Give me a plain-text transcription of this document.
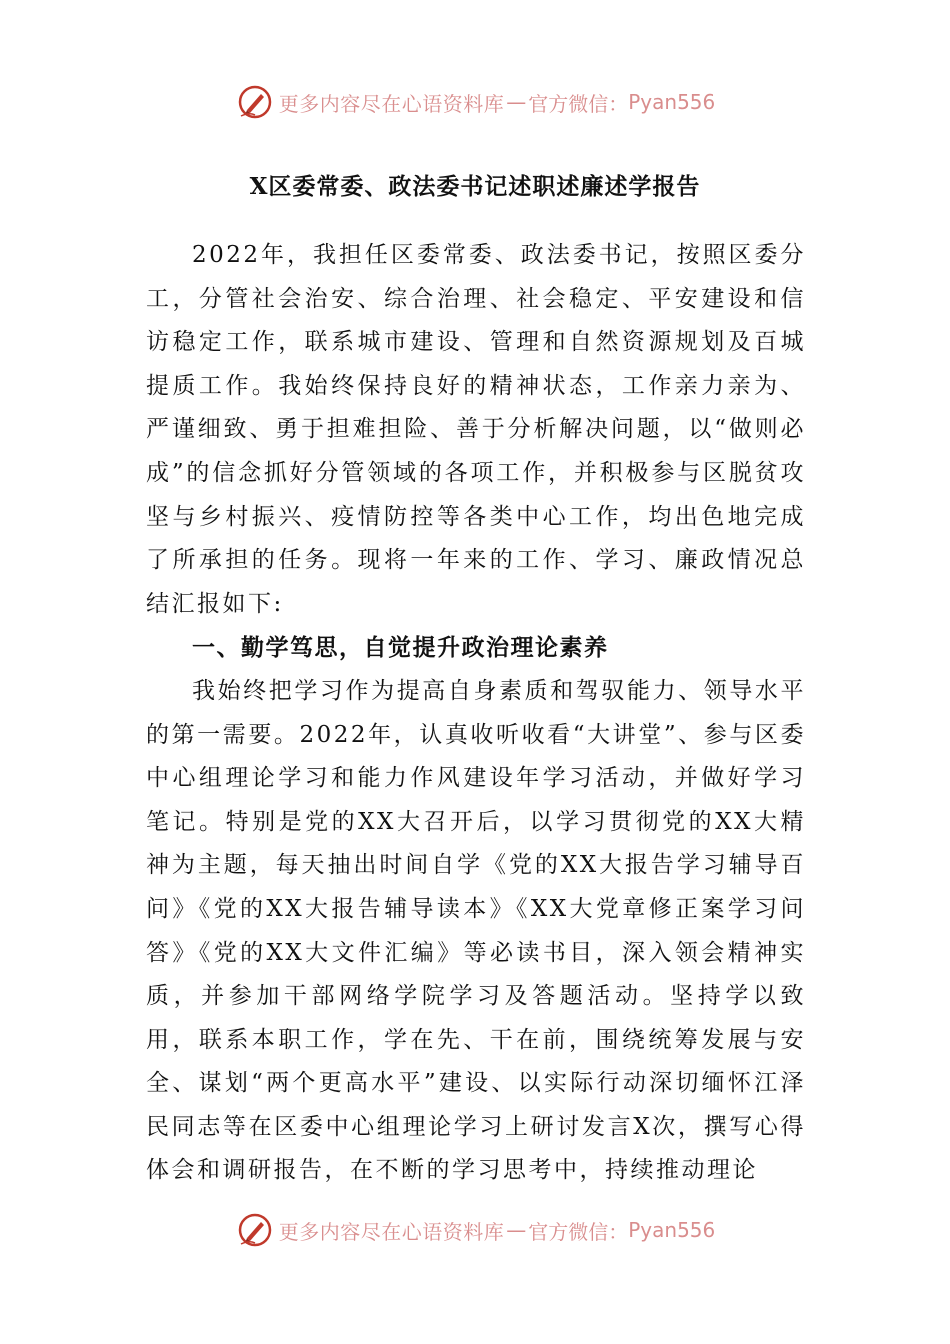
更多内容尽在心语资料库 — 官方微信： Pyan556
X区委常委、政法委书记述职述廉述学报告

2022年，我担任区委常委、政法委书记，按照区委分工，分管社会治安、综合治理、社会稳定、平安建设和信访稳定工作，联系城市建设、管理和自然资源规划及百城提质工作。我始终保持良好的精神状态，工作亲力亲为、严谨细致、勇于担难担险、善于分析解决问题，以“做则必成”的信念抓好分管领域的各项工作，并积极参与区脱贫攻坚与乡村振兴、疫情防控等各类中心工作，均出色地完成了所承担的任务。现将一年来的工作、学习、廉政情况总结汇报如下:

一、勤学笃思，自觉提升政治理论素养

我始终把学习作为提高自身素质和驾驭能力、领导水平的第一需要。2022年，认真收听收看“大讲堂”、参与区委中心组理论学习和能力作风建设年学习活动，并做好学习笔记。特别是党的XX大召开后，以学习贯彻党的XX大精神为主题，每天抽出时间自学《党的XX大报告学习辅导百问》《党的XX大报告辅导读本》《XX大党章修正案学习问答》《党的XX大文件汇编》等必读书目，深入领会精神实质，并参加干部网络学院学习及答题活动。坚持学以致用，联系本职工作，学在先、干在前，围绕统筹发展与安全、谋划“两个更高水平”建设、以实际行动深切缅怀江泽民同志等在区委中心组理论学习上研讨发言X次，撰写心得体会和调研报告，在不断的学习思考中，持续推动理论

更多内容尽在心语资料库 — 官方微信： Pyan556
